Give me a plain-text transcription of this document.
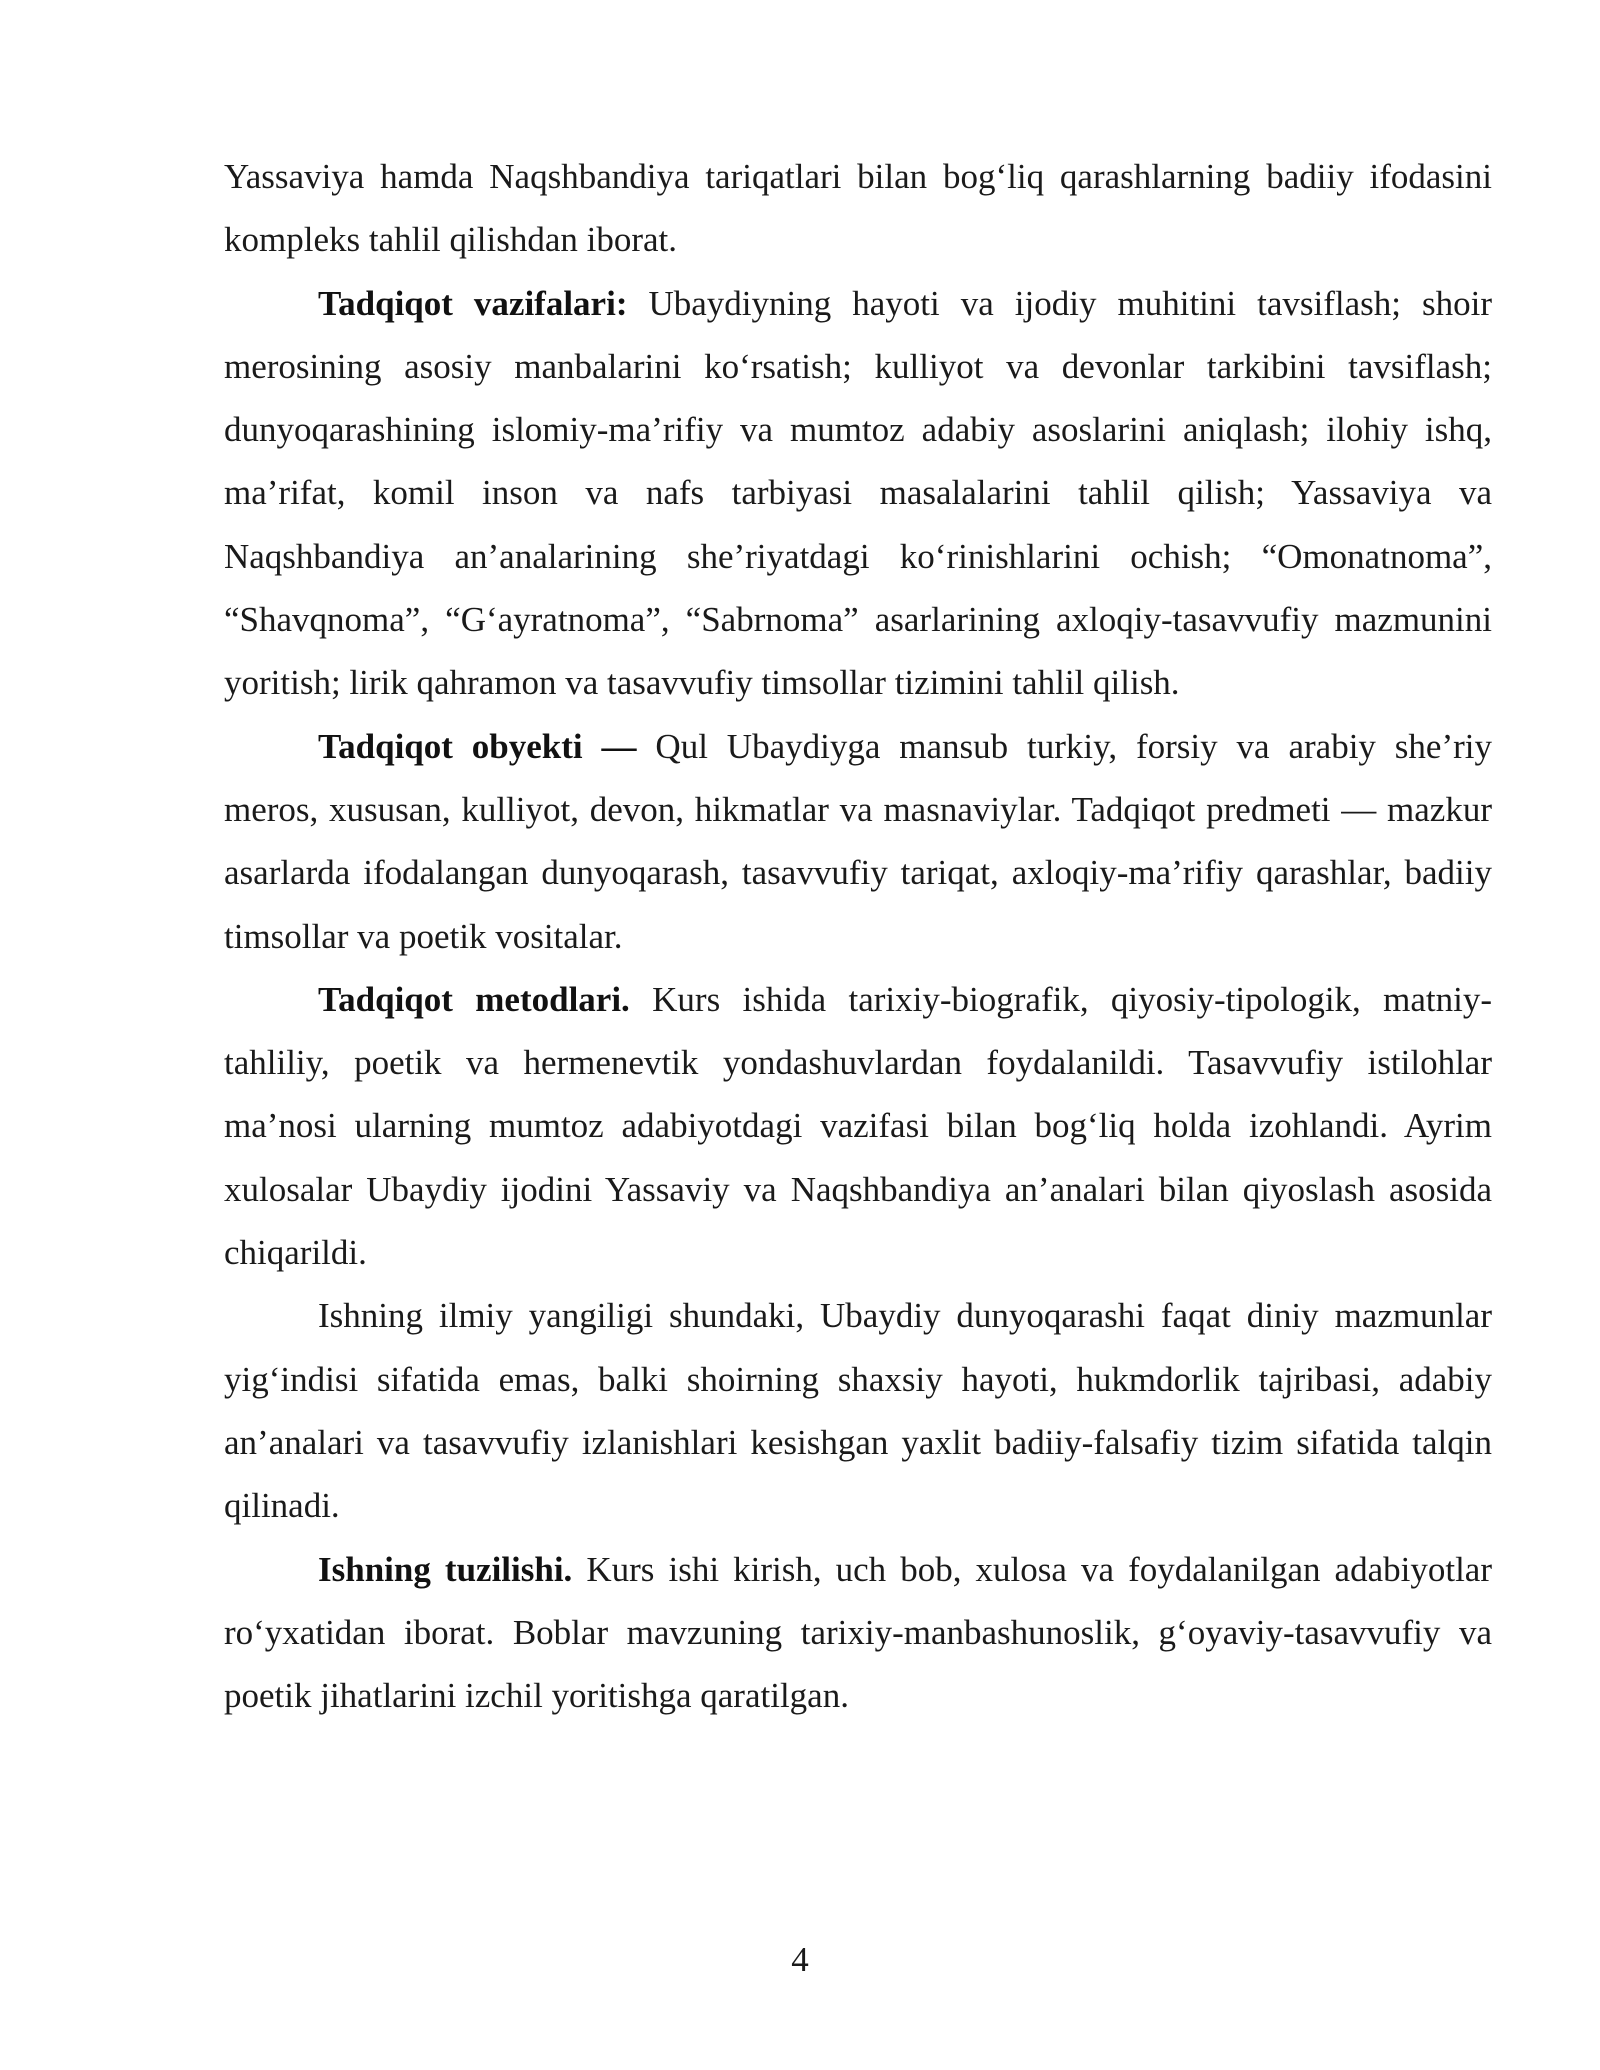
Yassaviya hamda Naqshbandiya tariqatlari bilan bog‘liq qarashlarning badiiy ifodasini kompleks tahlil qilishdan iborat.

Tadqiqot vazifalari: Ubaydiyning hayoti va ijodiy muhitini tavsiflash; shoir merosining asosiy manbalarini ko‘rsatish; kulliyot va devonlar tarkibini tavsiflash; dunyoqarashining islomiy-ma’rifiy va mumtoz adabiy asoslarini aniqlash; ilohiy ishq, ma’rifat, komil inson va nafs tarbiyasi masalalarini tahlil qilish; Yassaviya va Naqshbandiya an’analarining she’riyatdagi ko‘rinishlarini ochish; “Omonatnoma”, “Shavqnoma”, “G‘ayratnoma”, “Sabrnoma” asarlarining axloqiy-tasavvufiy mazmunini yoritish; lirik qahramon va tasavvufiy timsollar tizimini tahlil qilish.

Tadqiqot obyekti — Qul Ubaydiyga mansub turkiy, forsiy va arabiy she’riy meros, xususan, kulliyot, devon, hikmatlar va masnaviylar. Tadqiqot predmeti — mazkur asarlarda ifodalangan dunyoqarash, tasavvufiy tariqat, axloqiy-ma’rifiy qarashlar, badiiy timsollar va poetik vositalar.

Tadqiqot metodlari. Kurs ishida tarixiy-biografik, qiyosiy-tipologik, matniy-tahliliy, poetik va hermenevtik yondashuvlardan foydalanildi. Tasavvufiy istilohlar ma’nosi ularning mumtoz adabiyotdagi vazifasi bilan bog‘liq holda izohlandi. Ayrim xulosalar Ubaydiy ijodini Yassaviy va Naqshbandiya an’analari bilan qiyoslash asosida chiqarildi.

Ishning ilmiy yangiligi shundaki, Ubaydiy dunyoqarashi faqat diniy mazmunlar yig‘indisi sifatida emas, balki shoirning shaxsiy hayoti, hukmdorlik tajribasi, adabiy an’analari va tasavvufiy izlanishlari kesishgan yaxlit badiiy-falsafiy tizim sifatida talqin qilinadi.

Ishning tuzilishi. Kurs ishi kirish, uch bob, xulosa va foydalanilgan adabiyotlar ro‘yxatidan iborat. Boblar mavzuning tarixiy-manbashunoslik, g‘oyaviy-tasavvufiy va poetik jihatlarini izchil yoritishga qaratilgan.

4
